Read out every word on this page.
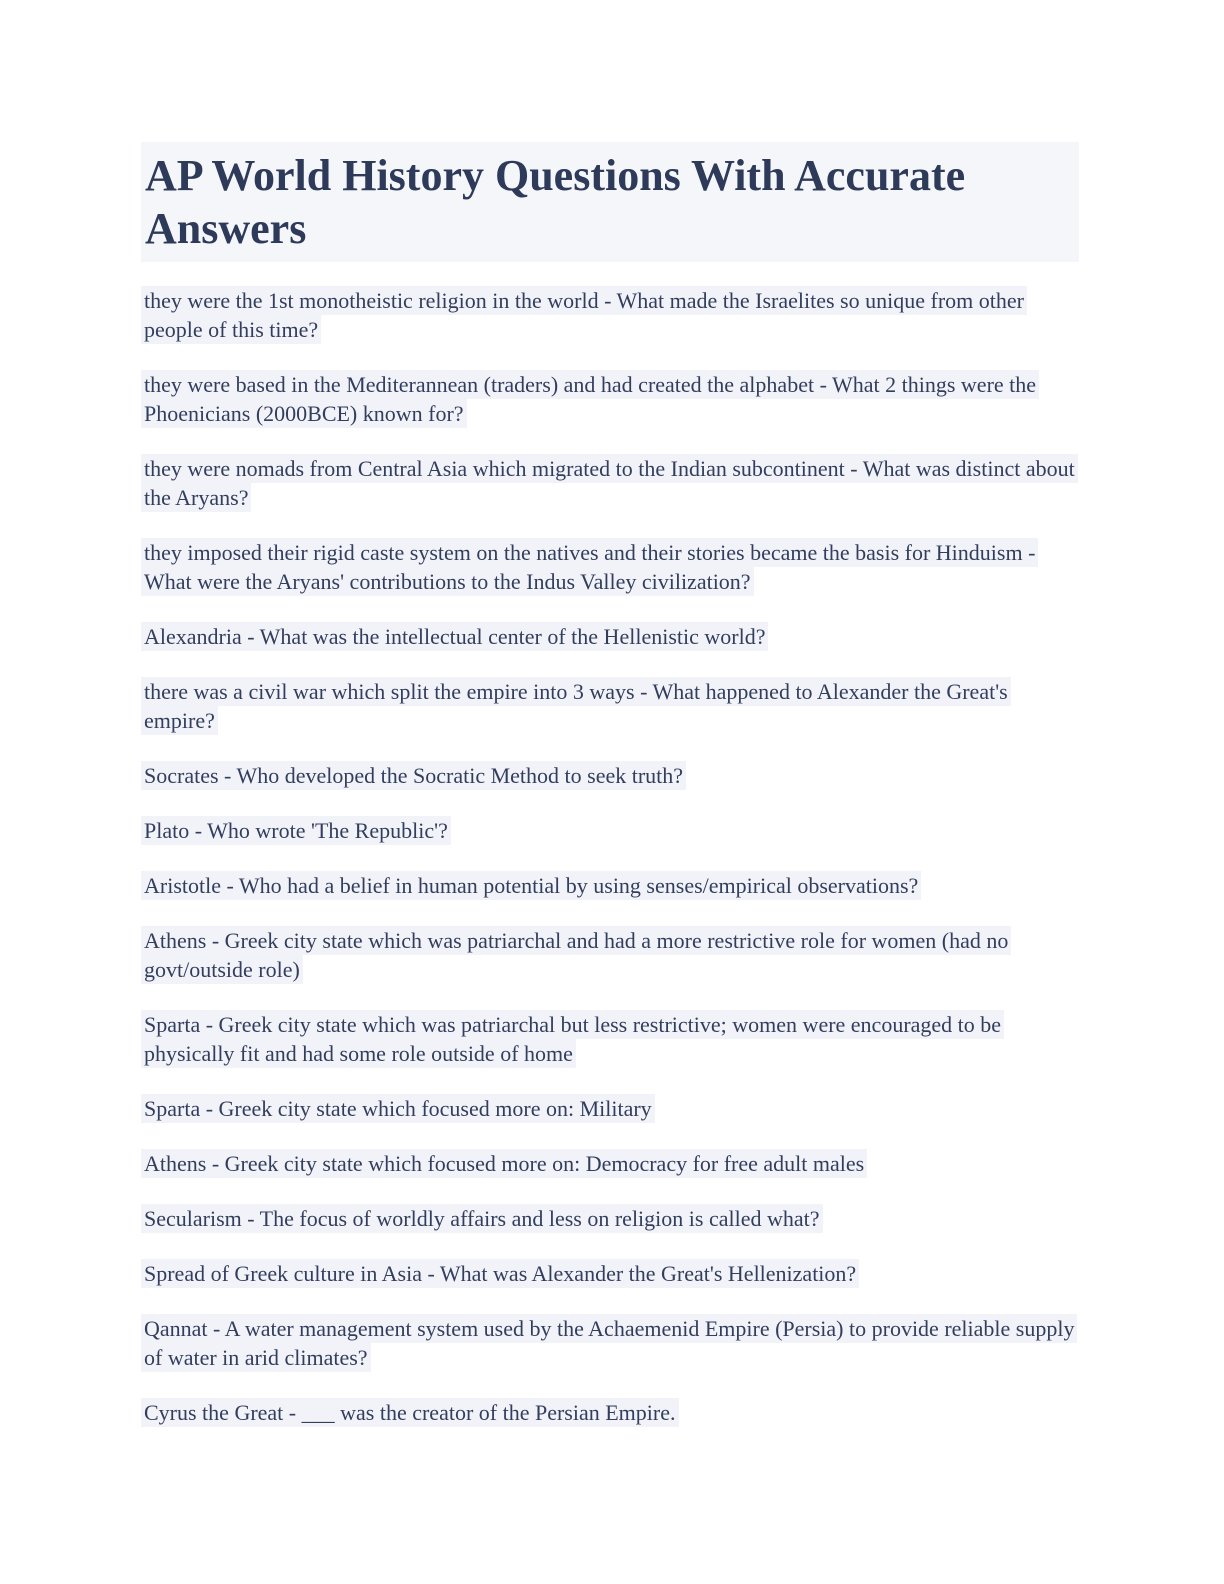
AP World History Questions With Accurate Answers

they were the 1st monotheistic religion in the world - What made the Israelites so unique from other people of this time?

they were based in the Mediterannean (traders) and had created the alphabet - What 2 things were the Phoenicians (2000BCE) known for?

they were nomads from Central Asia which migrated to the Indian subcontinent - What was distinct about the Aryans?

they imposed their rigid caste system on the natives and their stories became the basis for Hinduism - What were the Aryans' contributions to the Indus Valley civilization?

Alexandria - What was the intellectual center of the Hellenistic world?

there was a civil war which split the empire into 3 ways - What happened to Alexander the Great's empire?

Socrates - Who developed the Socratic Method to seek truth?

Plato - Who wrote 'The Republic'?

Aristotle - Who had a belief in human potential by using senses/empirical observations?

Athens - Greek city state which was patriarchal and had a more restrictive role for women (had no govt/outside role)

Sparta - Greek city state which was patriarchal but less restrictive; women were encouraged to be physically fit and had some role outside of home

Sparta - Greek city state which focused more on: Military

Athens - Greek city state which focused more on: Democracy for free adult males

Secularism - The focus of worldly affairs and less on religion is called what?

Spread of Greek culture in Asia - What was Alexander the Great's Hellenization?

Qannat - A water management system used by the Achaemenid Empire (Persia) to provide reliable supply of water in arid climates?

Cyrus the Great - ___ was the creator of the Persian Empire.
